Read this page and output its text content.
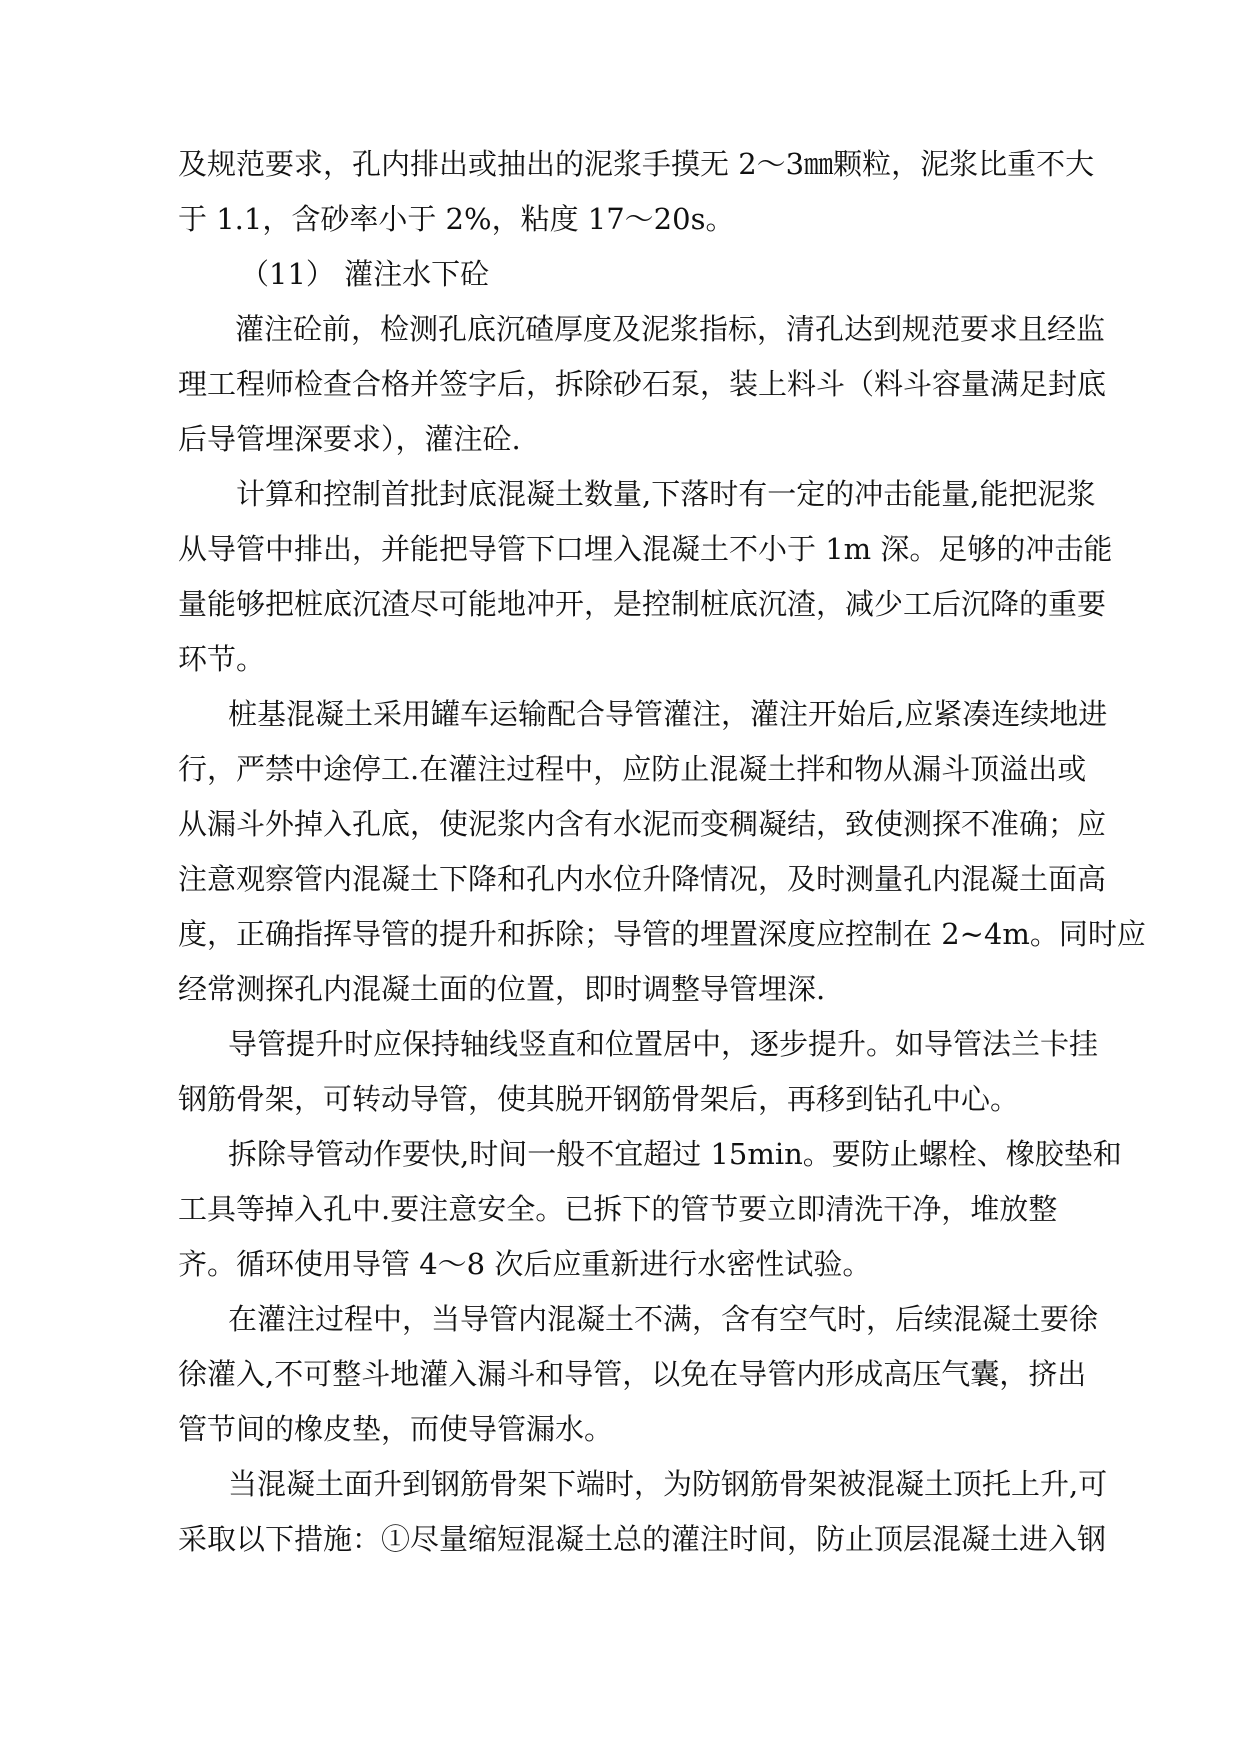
及规范要求，孔内排出或抽出的泥浆手摸无 2～3㎜颗粒，泥浆比重不大
于 1.1，含砂率小于 2%，粘度 17～20s。
（11） 灌注水下砼
灌注砼前，检测孔底沉碴厚度及泥浆指标，清孔达到规范要求且经监
理工程师检查合格并签字后，拆除砂石泵，装上料斗（料斗容量满足封底
后导管埋深要求），灌注砼.
计算和控制首批封底混凝土数量,下落时有一定的冲击能量,能把泥浆
从导管中排出，并能把导管下口埋入混凝土不小于 1m 深。足够的冲击能
量能够把桩底沉渣尽可能地冲开，是控制桩底沉渣，减少工后沉降的重要
环节。
桩基混凝土采用罐车运输配合导管灌注，灌注开始后,应紧凑连续地进
行，严禁中途停工.在灌注过程中，应防止混凝土拌和物从漏斗顶溢出或
从漏斗外掉入孔底，使泥浆内含有水泥而变稠凝结，致使测探不准确；应
注意观察管内混凝土下降和孔内水位升降情况，及时测量孔内混凝土面高
度，正确指挥导管的提升和拆除；导管的埋置深度应控制在 2~4m。同时应
经常测探孔内混凝土面的位置，即时调整导管埋深.
导管提升时应保持轴线竖直和位置居中，逐步提升。如导管法兰卡挂
钢筋骨架，可转动导管，使其脱开钢筋骨架后，再移到钻孔中心。
拆除导管动作要快,时间一般不宜超过 15min。要防止螺栓、橡胶垫和
工具等掉入孔中.要注意安全。已拆下的管节要立即清洗干净，堆放整
齐。循环使用导管 4～8 次后应重新进行水密性试验。
在灌注过程中，当导管内混凝土不满，含有空气时，后续混凝土要徐
徐灌入,不可整斗地灌入漏斗和导管，以免在导管内形成高压气囊，挤出
管节间的橡皮垫，而使导管漏水。
当混凝土面升到钢筋骨架下端时，为防钢筋骨架被混凝土顶托上升,可
采取以下措施：①尽量缩短混凝土总的灌注时间，防止顶层混凝土进入钢
